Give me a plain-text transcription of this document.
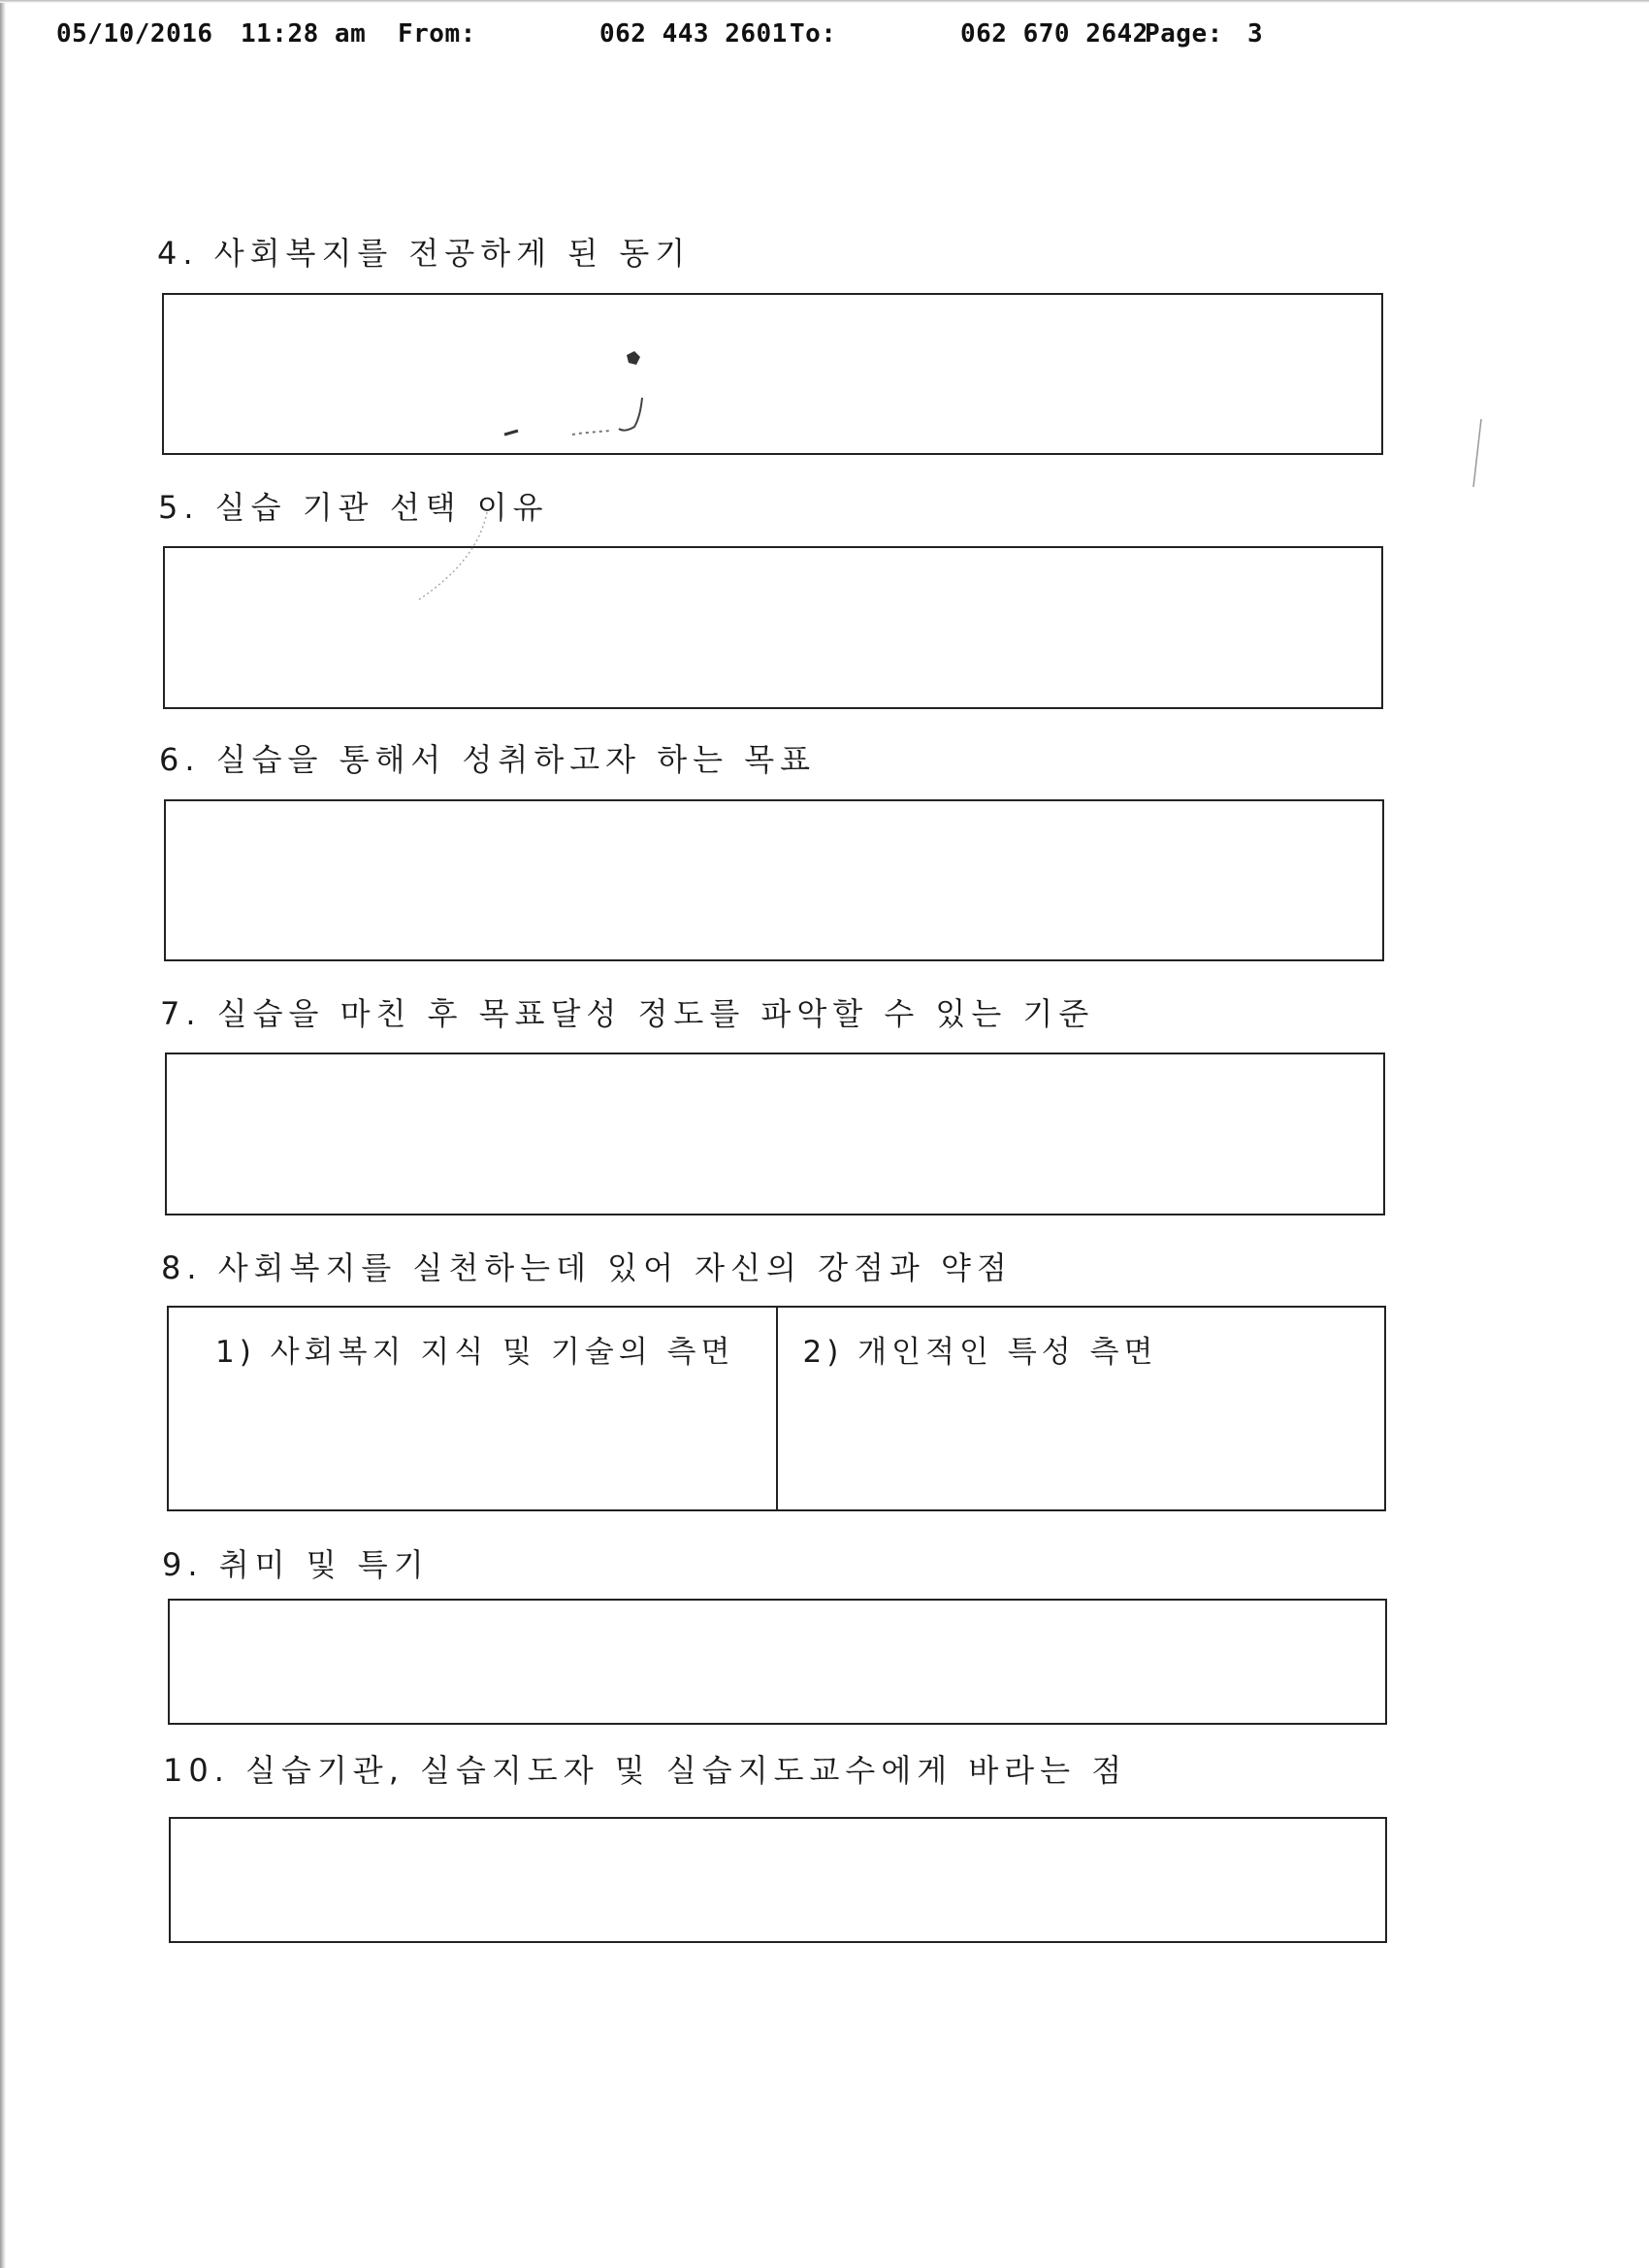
05/10/2016

11:28 am

From:

	062 443 2601

To:

	062 670 2642

Page:

3

4. 사회복지를 전공하게 된 동기
5. 실습 기관 선택 이유
6. 실습을 통해서 성취하고자 하는 목표
7. 실습을 마친 후 목표달성 정도를 파악할 수 있는 기준
8. 사회복지를 실천하는데 있어 자신의 강점과 약점
1) 사회복지 지식 및 기술의 측면 2) 개인적인 특성 측면
9. 취미 및 특기
10. 실습기관, 실습지도자 및 실습지도교수에게 바라는 점
